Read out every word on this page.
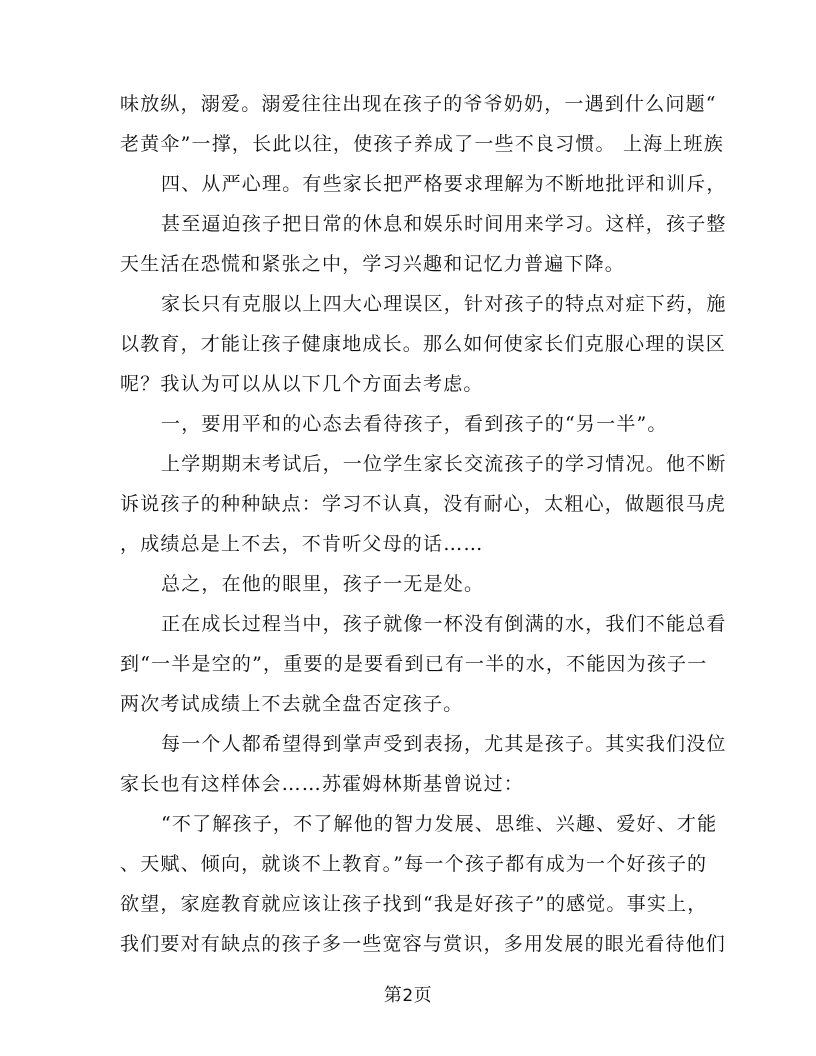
味放纵，溺爱。溺爱往往出现在孩子的爷爷奶奶，一遇到什么问题“
老黄伞”一撑，长此以往，使孩子养成了一些不良习惯。 上海上班族
四、从严心理。有些家长把严格要求理解为不断地批评和训斥，
甚至逼迫孩子把日常的休息和娱乐时间用来学习。这样，孩子整
天生活在恐慌和紧张之中，学习兴趣和记忆力普遍下降。
家长只有克服以上四大心理误区，针对孩子的特点对症下药，施
以教育，才能让孩子健康地成长。那么如何使家长们克服心理的误区
呢？我认为可以从以下几个方面去考虑。
一，要用平和的心态去看待孩子，看到孩子的“另一半”。
上学期期末考试后，一位学生家长交流孩子的学习情况。他不断
诉说孩子的种种缺点：学习不认真，没有耐心，太粗心，做题很马虎
，成绩总是上不去，不肯听父母的话……
总之，在他的眼里，孩子一无是处。
正在成长过程当中，孩子就像一杯没有倒满的水，我们不能总看
到“一半是空的”，重要的是要看到已有一半的水，不能因为孩子一
两次考试成绩上不去就全盘否定孩子。
每一个人都希望得到掌声受到表扬，尤其是孩子。其实我们没位
家长也有这样体会……苏霍姆林斯基曾说过：
“不了解孩子，不了解他的智力发展、思维、兴趣、爱好、才能
、天赋、倾向，就谈不上教育。”每一个孩子都有成为一个好孩子的
欲望，家庭教育就应该让孩子找到“我是好孩子”的感觉。事实上，
我们要对有缺点的孩子多一些宽容与赏识，多用发展的眼光看待他们
第2页
